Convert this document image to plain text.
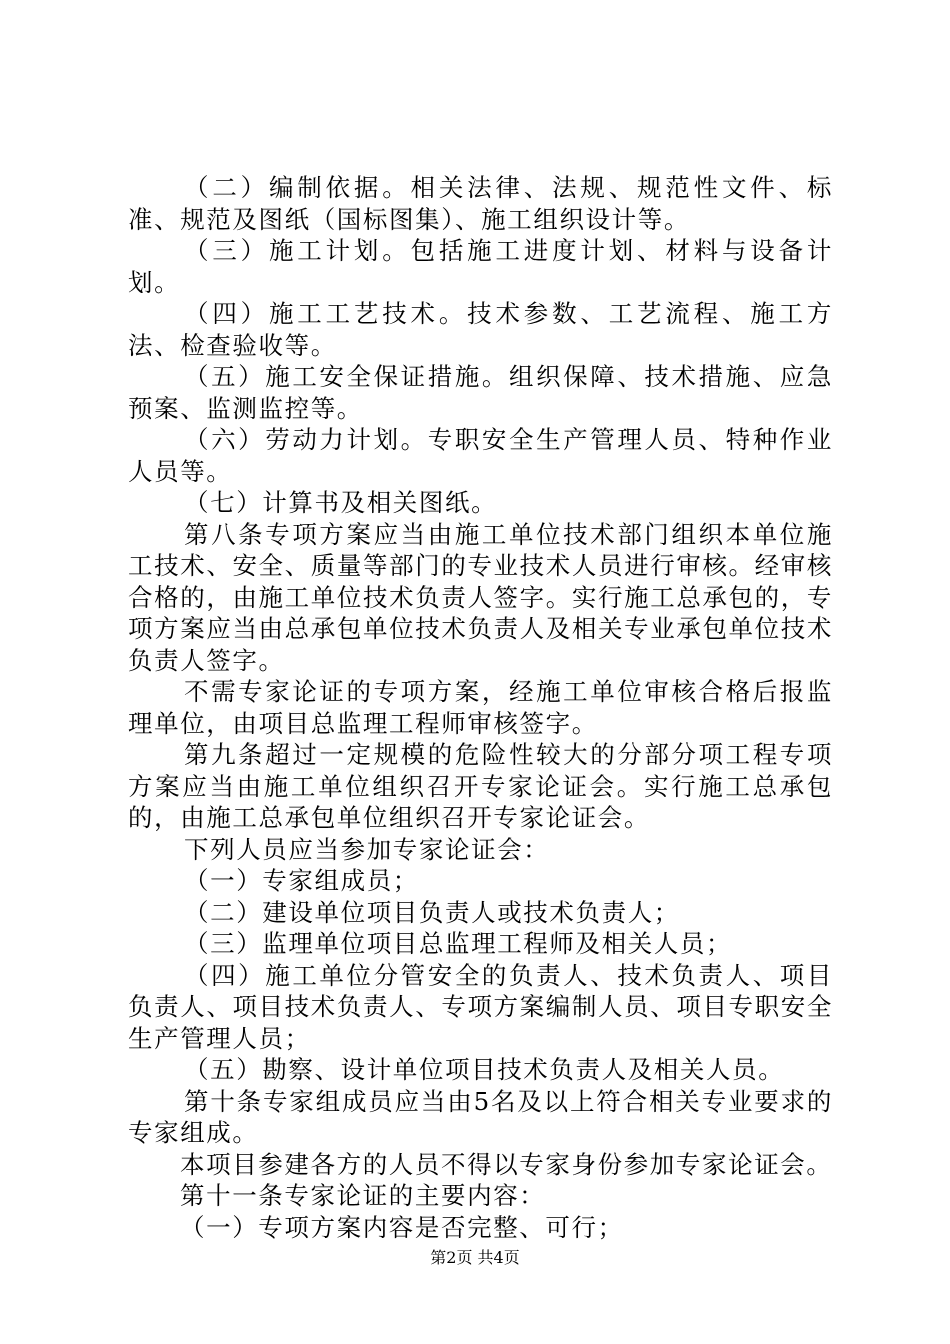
（二）编制依据。相关法律、法规、规范性文件、标准、规范及图纸（国标图集）、施工组织设计等。

（三）施工计划。包括施工进度计划、材料与设备计划。

（四）施工工艺技术。技术参数、工艺流程、施工方法、检查验收等。

（五）施工安全保证措施。组织保障、技术措施、应急预案、监测监控等。

（六）劳动力计划。专职安全生产管理人员、特种作业人员等。

（七）计算书及相关图纸。

第八条专项方案应当由施工单位技术部门组织本单位施工技术、安全、质量等部门的专业技术人员进行审核。经审核合格的，由施工单位技术负责人签字。实行施工总承包的，专项方案应当由总承包单位技术负责人及相关专业承包单位技术负责人签字。

不需专家论证的专项方案，经施工单位审核合格后报监理单位，由项目总监理工程师审核签字。

第九条超过一定规模的危险性较大的分部分项工程专项方案应当由施工单位组织召开专家论证会。实行施工总承包的，由施工总承包单位组织召开专家论证会。

下列人员应当参加专家论证会：

（一）专家组成员；

（二）建设单位项目负责人或技术负责人；

（三）监理单位项目总监理工程师及相关人员；

（四）施工单位分管安全的负责人、技术负责人、项目负责人、项目技术负责人、专项方案编制人员、项目专职安全生产管理人员；

（五）勘察、设计单位项目技术负责人及相关人员。

第十条专家组成员应当由5名及以上符合相关专业要求的专家组成。

本项目参建各方的人员不得以专家身份参加专家论证会。

第十一条专家论证的主要内容：

（一）专项方案内容是否完整、可行；

第2页 共4页
